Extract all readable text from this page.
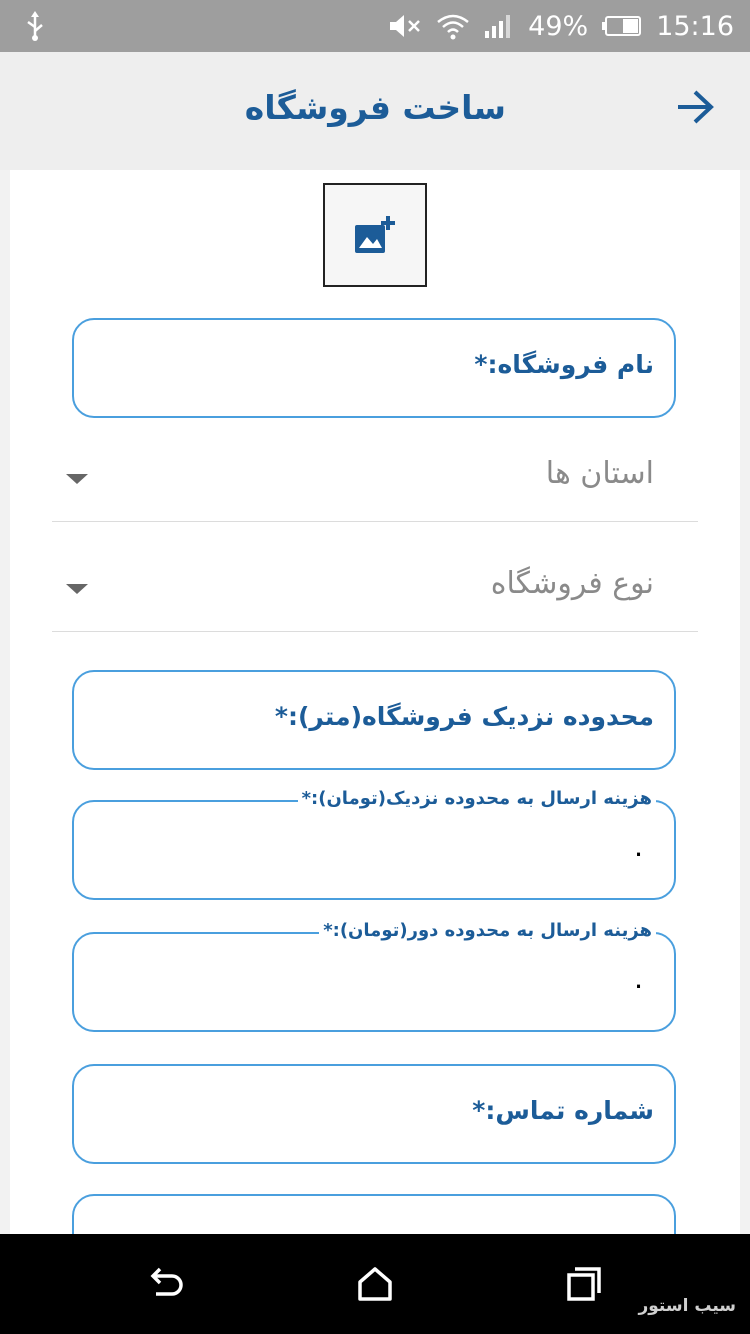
49%	15:16
ساخت فروشگاه
نام فروشگاه:*
استان ها
نوع فروشگاه
محدوده نزدیک فروشگاه(متر):*
هزینه ارسال به محدوده نزدیک(تومان):*
۰
هزینه ارسال به محدوده دور(تومان):*
۰
شماره تماس:*
سیب استور
